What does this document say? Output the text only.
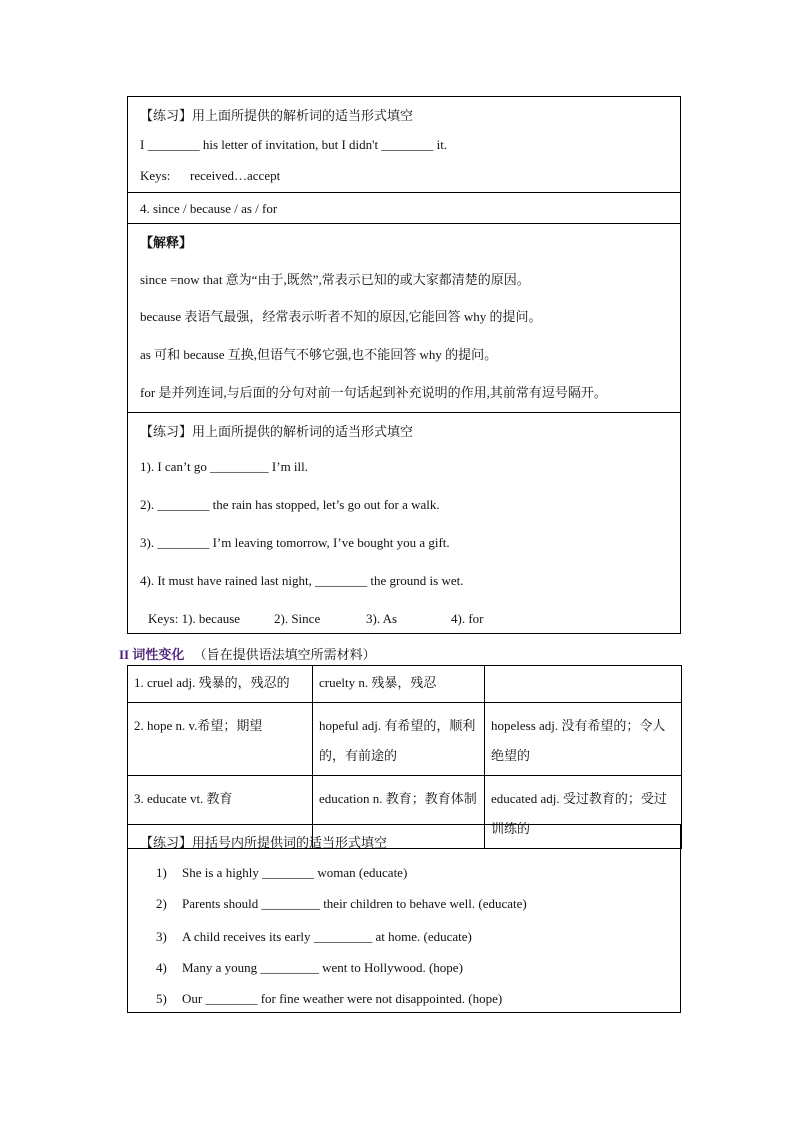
【练习】用上面所提供的解析词的适当形式填空
I ________ his letter of invitation, but I didn't ________ it.
Keys: received…accept
4. since / because / as / for
【解释】
since =now that 意为“由于,既然”,常表示已知的或大家都清楚的原因。
because 表语气最强，经常表示听者不知的原因,它能回答 why 的提问。
as 可和 because 互换,但语气不够它强,也不能回答 why 的提问。
for 是并列连词,与后面的分句对前一句话起到补充说明的作用,其前常有逗号隔开。
【练习】用上面所提供的解析词的适当形式填空
1). I can’t go _________ I’m ill.
2). ________ the rain has stopped, let’s go out for a walk.
3). ________ I’m leaving tomorrow, I’ve bought you a gift.
4). It must have rained last night, ________ the ground is wet.
Keys: 1). because	2). Since	3). As	4). for
II 词性变化 （旨在提供语法填空所需材料）
1. cruel adj. 残暴的，残忍的	cruelty n. 残暴，残忍	
2. hope n. v.希望；期望	hopeful adj. 有希望的，顺利的，有前途的	hopeless adj. 没有希望的；令人绝望的
3. educate vt. 教育	education n. 教育；教育体制	educated adj. 受过教育的；受过训练的
【练习】用括号内所提供词的适当形式填空
1) She is a highly ________ woman (educate)
2) Parents should _________ their children to behave well. (educate)
3) A child receives its early _________ at home. (educate)
4) Many a young _________ went to Hollywood. (hope)
5) Our ________ for fine weather were not disappointed. (hope)
